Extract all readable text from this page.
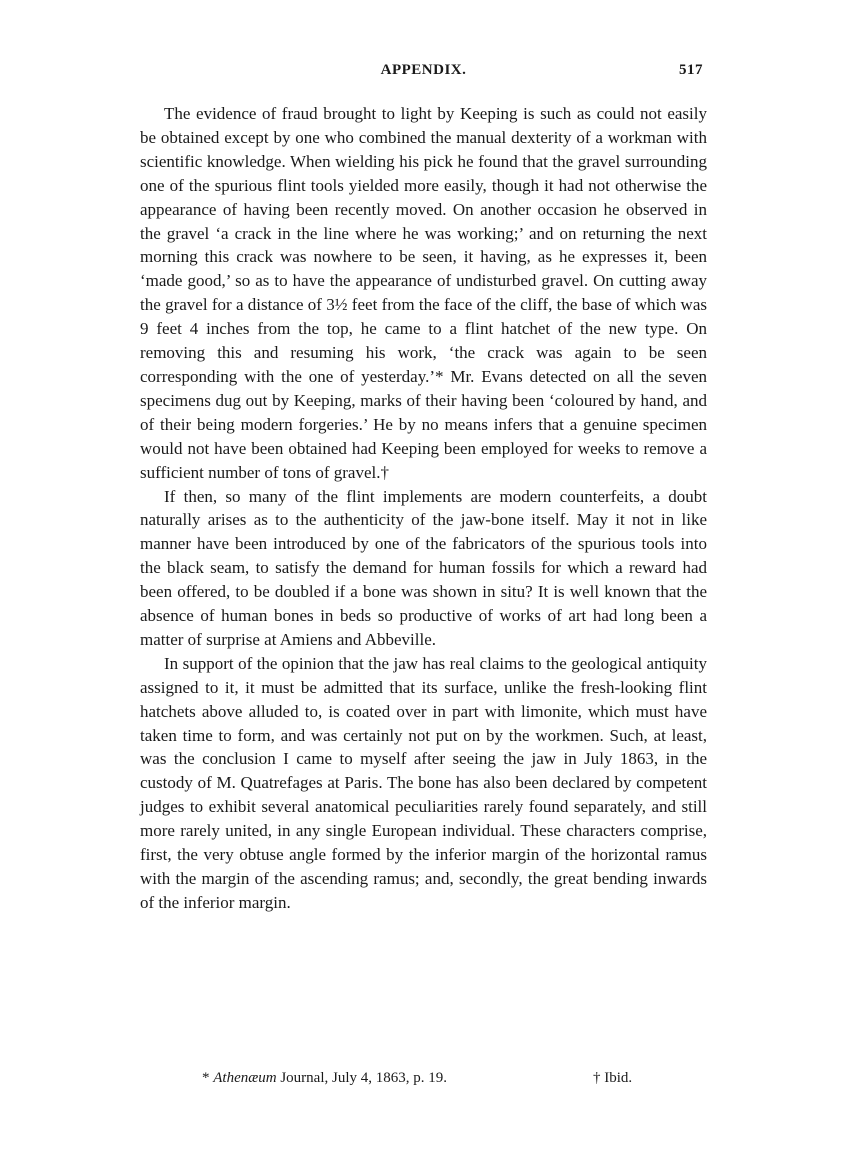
APPENDIX.	517

The evidence of fraud brought to light by Keeping is such as could not easily be obtained except by one who combined the manual dexterity of a workman with scientific knowledge. When wielding his pick he found that the gravel surrounding one of the spurious flint tools yielded more easily, though it had not otherwise the appearance of having been recently moved. On another occasion he observed in the gravel ‘a crack in the line where he was working;’ and on returning the next morning this crack was nowhere to be seen, it having, as he expresses it, been ‘made good,’ so as to have the appearance of undisturbed gravel. On cutting away the gravel for a distance of 3½ feet from the face of the cliff, the base of which was 9 feet 4 inches from the top, he came to a flint hatchet of the new type. On removing this and resuming his work, ‘the crack was again to be seen corresponding with the one of yesterday.’* Mr. Evans detected on all the seven specimens dug out by Keeping, marks of their having been ‘coloured by hand, and of their being modern forgeries.’ He by no means infers that a genuine specimen would not have been obtained had Keeping been employed for weeks to remove a sufficient number of tons of gravel.†

If then, so many of the flint implements are modern counterfeits, a doubt naturally arises as to the authenticity of the jaw-bone itself. May it not in like manner have been introduced by one of the fabricators of the spurious tools into the black seam, to satisfy the demand for human fossils for which a reward had been offered, to be doubled if a bone was shown in situ? It is well known that the absence of human bones in beds so productive of works of art had long been a matter of surprise at Amiens and Abbeville.

In support of the opinion that the jaw has real claims to the geological antiquity assigned to it, it must be admitted that its surface, unlike the fresh-looking flint hatchets above alluded to, is coated over in part with limonite, which must have taken time to form, and was certainly not put on by the workmen. Such, at least, was the conclusion I came to myself after seeing the jaw in July 1863, in the custody of M. Quatrefages at Paris. The bone has also been declared by competent judges to exhibit several anatomical peculiarities rarely found separately, and still more rarely united, in any single European individual. These characters comprise, first, the very obtuse angle formed by the inferior margin of the horizontal ramus with the margin of the ascending ramus; and, secondly, the great bending inwards of the inferior margin.

* Athenæum Journal, July 4, 1863, p. 19.	† Ibid.
